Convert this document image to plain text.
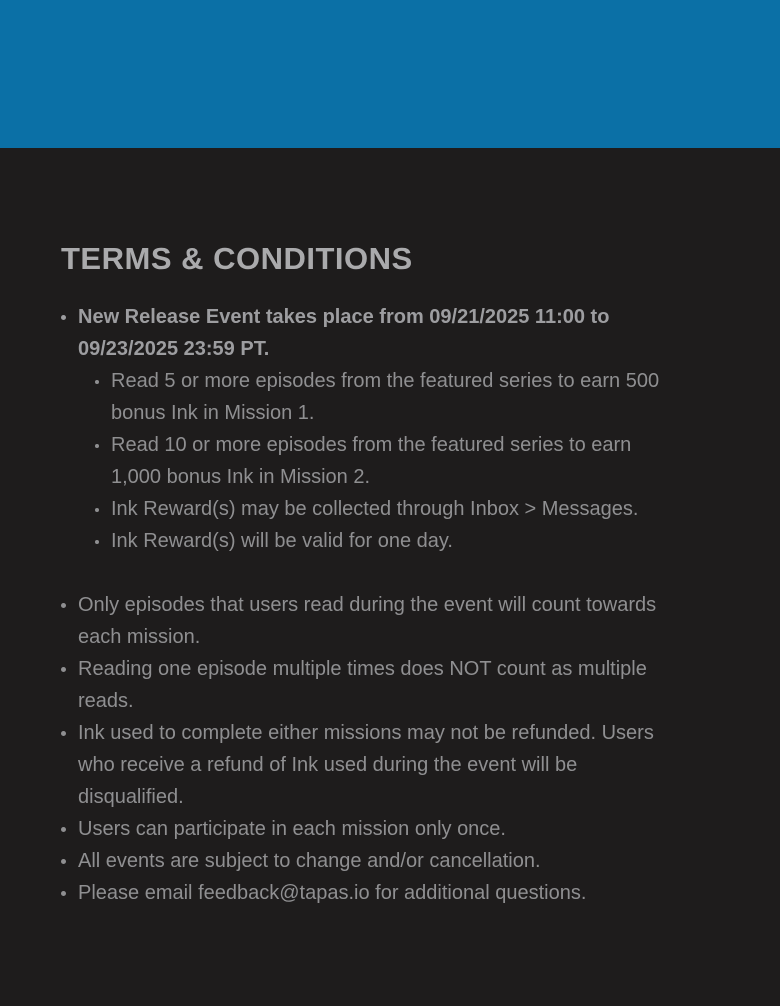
TERMS & CONDITIONS
New Release Event takes place from 09/21/2025 11:00 to 09/23/2025 23:59 PT.
Read 5 or more episodes from the featured series to earn 500 bonus Ink in Mission 1.
Read 10 or more episodes from the featured series to earn 1,000 bonus Ink in Mission 2.
Ink Reward(s) may be collected through Inbox > Messages.
Ink Reward(s) will be valid for one day.
Only episodes that users read during the event will count towards each mission.
Reading one episode multiple times does NOT count as multiple reads.
Ink used to complete either missions may not be refunded. Users who receive a refund of Ink used during the event will be disqualified.
Users can participate in each mission only once.
All events are subject to change and/or cancellation.
Please email feedback@tapas.io for additional questions.
